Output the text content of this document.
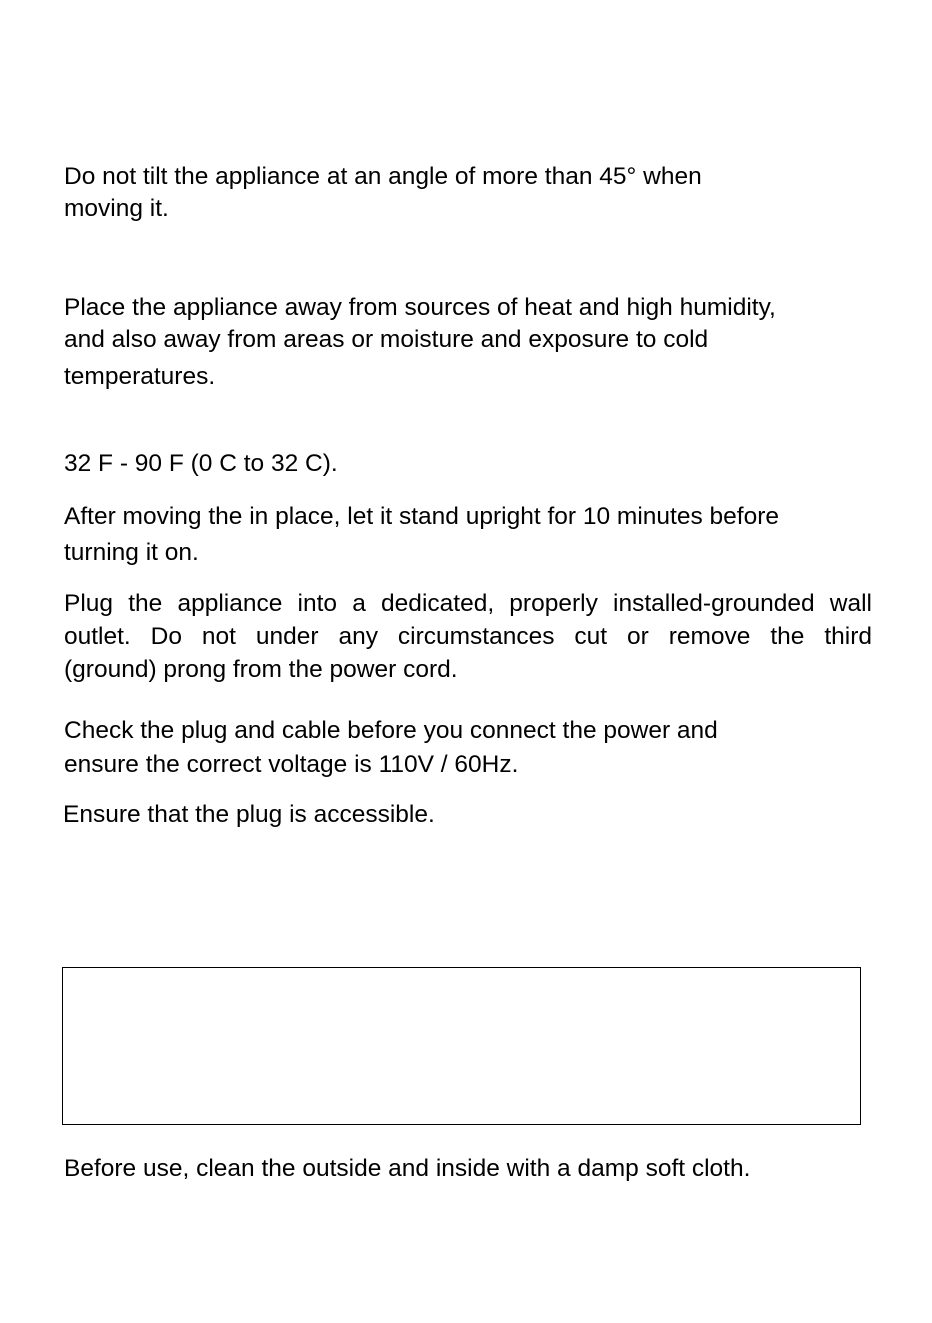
Do not tilt the appliance at an angle of more than 45° when
moving it.

Place the appliance away from sources of heat and high humidity,
and also away from areas or moisture and exposure to cold
temperatures.

32 F - 90 F (0 C to 32 C).

After moving the in place, let it stand upright for 10 minutes before
turning it on.

Plug the appliance into a dedicated, properly installed-grounded wall
outlet. Do not under any circumstances cut or remove the third
(ground) prong from the power cord.

Check the plug and cable before you connect the power and
ensure the correct voltage is 110V / 60Hz.

Ensure that the plug is accessible.

Before use, clean the outside and inside with a damp soft cloth.
